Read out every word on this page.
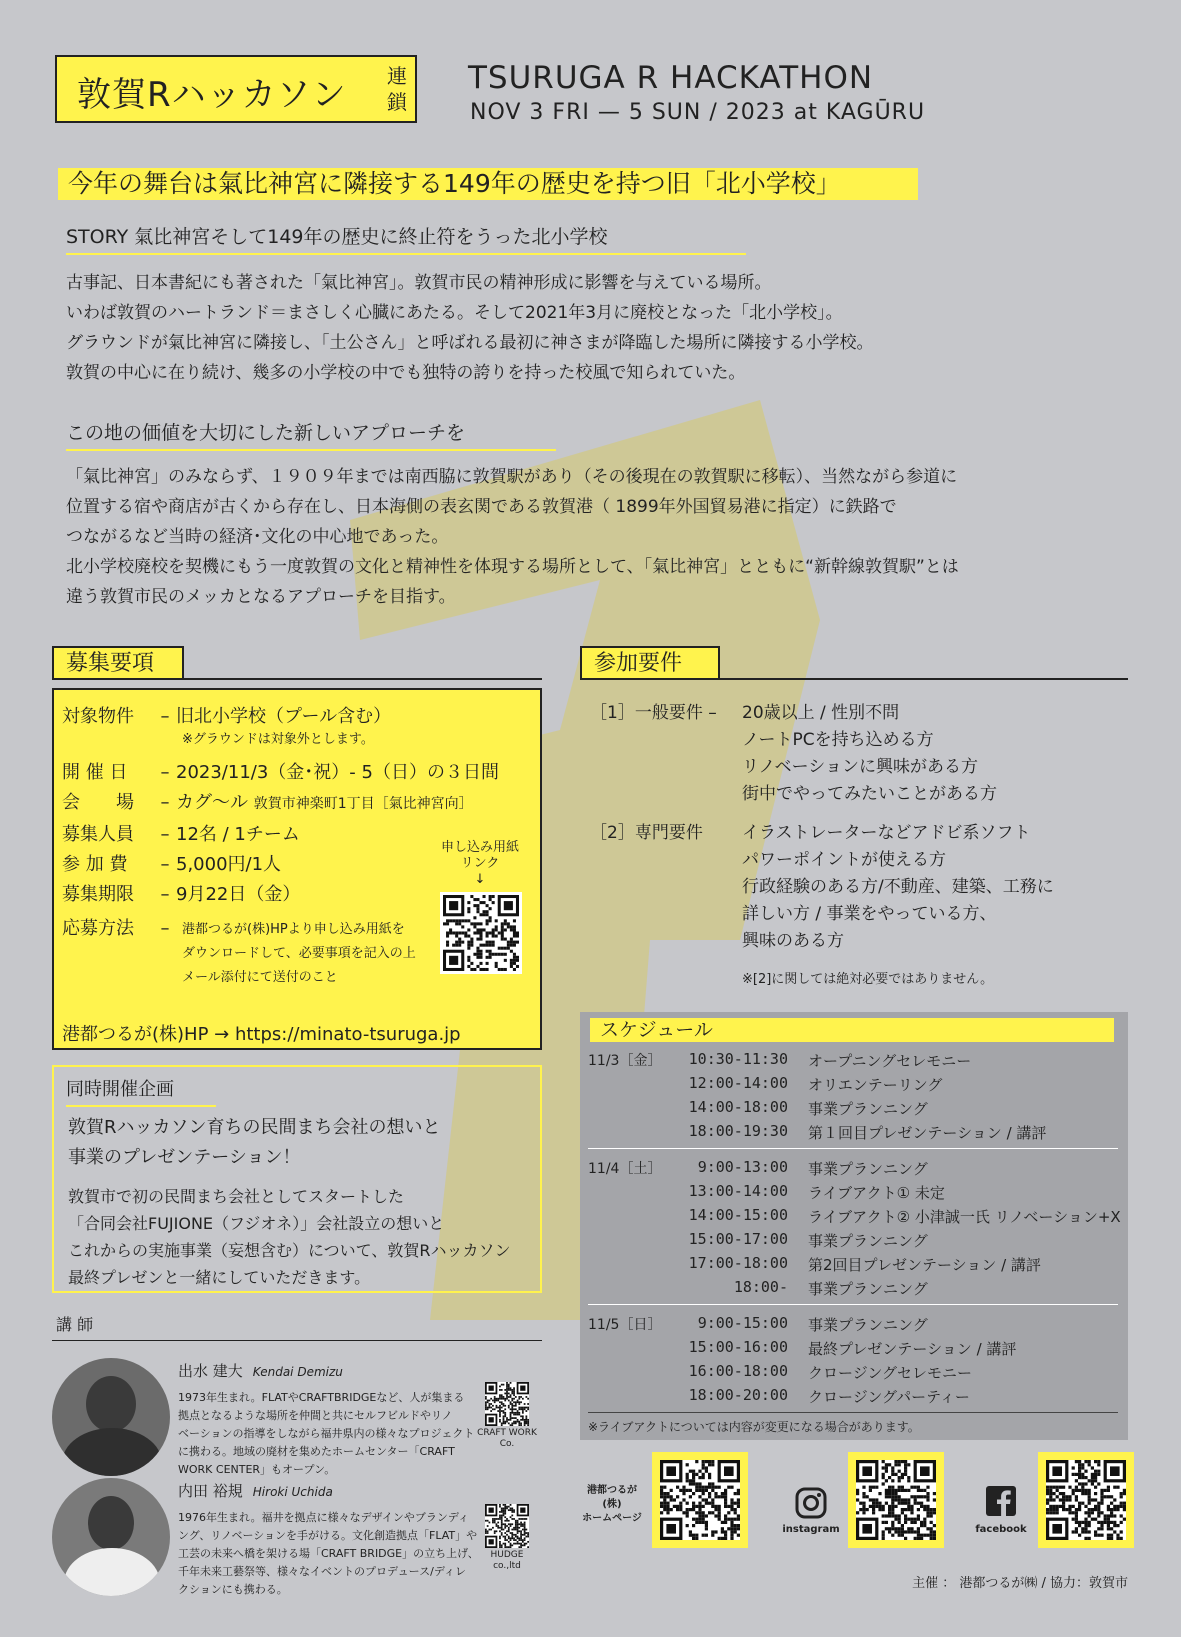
敦賀Rハッカソン 連鎖
TSURUGA R HACKATHON
NOV 3 FRI — 5 SUN / 2023 at KAGŪRU
今年の舞台は氣比神宮に隣接する149年の歴史を持つ旧「北小学校」
STORY 氣比神宮そして149年の歴史に終止符をうった北小学校
古事記、日本書紀にも著された「氣比神宮」。敦賀市民の精神形成に影響を与えている場所。
いわば敦賀のハートランド＝まさしく心臓にあたる。そして2021年3月に廃校となった「北小学校」。
グラウンドが氣比神宮に隣接し、「土公さん」と呼ばれる最初に神さまが降臨した場所に隣接する小学校。
敦賀の中心に在り続け、幾多の小学校の中でも独特の誇りを持った校風で知られていた。
この地の価値を大切にした新しいアプローチを
「氣比神宮」のみならず、１９０９年までは南西脇に敦賀駅があり（その後現在の敦賀駅に移転）、当然ながら参道に
位置する宿や商店が古くから存在し、日本海側の表玄関である敦賀港（ 1899年外国貿易港に指定）に鉄路で
つながるなど当時の経済･文化の中心地であった。
北小学校廃校を契機にもう一度敦賀の文化と精神性を体現する場所として、「氣比神宮」とともに“新幹線敦賀駅”とは
違う敦賀市民のメッカとなるアプローチを目指す。
募集要項
対象物件 – 旧北小学校（プール含む）
※グラウンドは対象外とします。
開 催 日 – 2023/11/3（金･祝）- 5（日）の３日間
会　　場 – カグ～ル 敦賀市神楽町1丁目［氣比神宮向］
募集人員 – 12名 / 1チーム
参 加 費 – 5,000円/1人
募集期限 – 9月22日（金）
応募方法 – 港都つるが(株)HPより申し込み用紙を
ダウンロードして、必要事項を記入の上
メール添付にて送付のこと
申し込み用紙
リンク
↓
港都つるが(株)HP → https://minato-tsuruga.jp
同時開催企画
敦賀Rハッカソン育ちの民間まち会社の想いと
事業のプレゼンテーション！
敦賀市で初の民間まち会社としてスタートした
「合同会社FUJIONE（フジオネ）」会社設立の想いと
これからの実施事業（妄想含む）について、敦賀Rハッカソン
最終プレゼンと一緒にしていただきます。
講 師
出水 建大 Kendai Demizu
1973年生まれ。FLATやCRAFTBRIDGEなど、人が集まる
拠点となるような場所を仲間と共にセルフビルドやリノ
ベーションの指導をしながら福井県内の様々なプロジェクト
に携わる。地域の廃材を集めたホームセンター「CRAFT
WORK CENTER」もオープン。
CRAFT WORK
Co.
内田 裕規 Hiroki Uchida
1976年生まれ。福井を拠点に様々なデザインやブランディ
ング、リノベーションを手がける。文化創造拠点「FLAT」や
工芸の未来へ橋を架ける場「CRAFT BRIDGE」の立ち上げ、
千年未来工藝祭等、様々なイベントのプロデュース/ディレ
クションにも携わる。
HUDGE
co.,ltd
参加要件
［1］一般要件 – 20歳以上 / 性別不問
ノートPCを持ち込める方
リノベーションに興味がある方
街中でやってみたいことがある方
［2］専門要件 イラストレーターなどアドビ系ソフト
パワーポイントが使える方
行政経験のある方/不動産、建築、工務に
詳しい方 / 事業をやっている方、
興味のある方
※[2]に関しては絶対必要ではありません。
スケジュール
11/3［金］	10:30-11:30 オープニングセレモニー
12:00-14:00 オリエンテーリング
14:00-18:00 事業プランニング
18:00-19:30 第１回目プレゼンテーション / 講評
11/4［土］	9:00-13:00 事業プランニング
13:00-14:00 ライブアクト① 未定
14:00-15:00 ライブアクト② 小津誠一氏 リノベーション+X
15:00-17:00 事業プランニング
17:00-18:00 第2回目プレゼンテーション / 講評
18:00- 事業プランニング
11/5［日］	9:00-15:00 事業プランニング
15:00-16:00 最終プレゼンテーション / 講評
16:00-18:00 クロージングセレモニー
18:00-20:00 クロージングパーティー
※ライブアクトについては内容が変更になる場合があります。
港都つるが(株)
ホームページ
instagram	facebook
主催 ： 港都つるが㈱ / 協力：敦賀市
